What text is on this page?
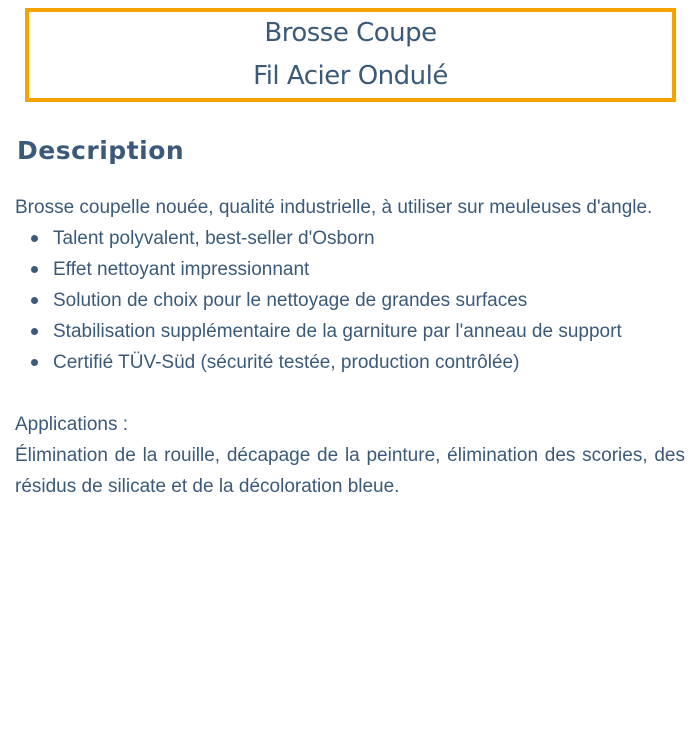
Brosse Coupe
Fil Acier Ondulé
Description

Brosse coupelle nouée, qualité industrielle, à utiliser sur meuleuses d'angle.

Talent polyvalent, best-seller d'Osborn
Effet nettoyant impressionnant
Solution de choix pour le nettoyage de grandes surfaces
Stabilisation supplémentaire de la garniture par l'anneau de support
Certifié TÜV-Süd (sécurité testée, production contrôlée)

Applications :

Élimination de la rouille, décapage de la peinture, élimination des scories, des résidus de silicate et de la décoloration bleue.
